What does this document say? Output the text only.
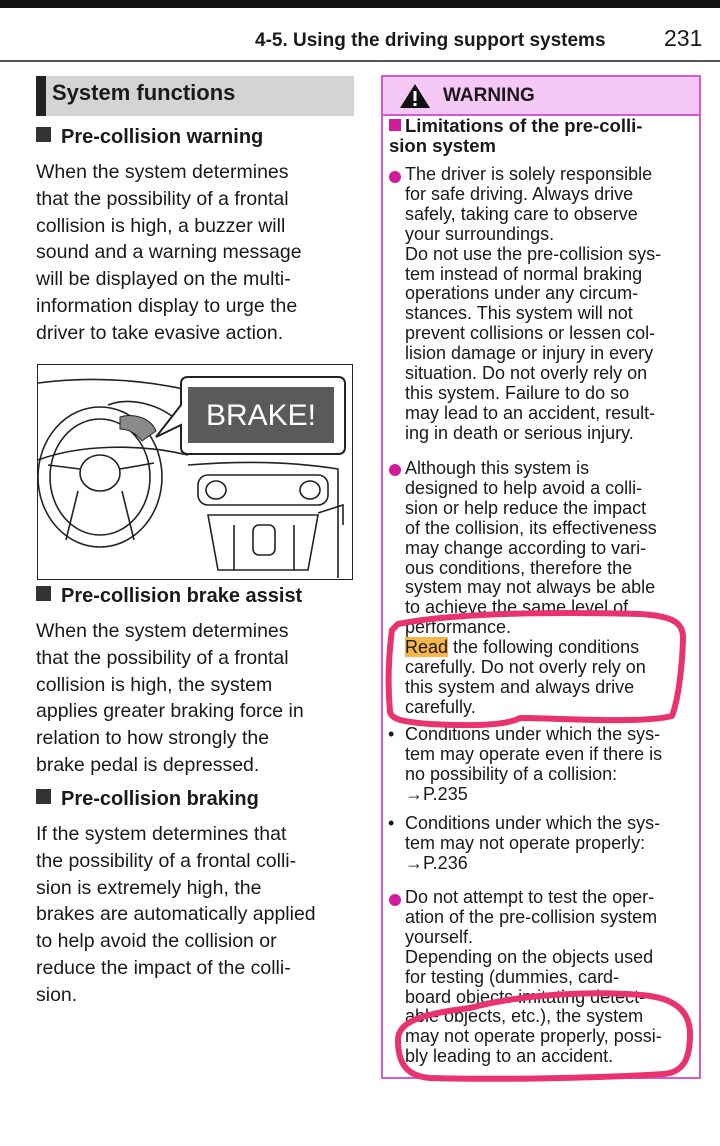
4-5. Using the driving support systems	231
System functions
Pre-collision warning
When the system determines
that the possibility of a frontal
collision is high, a buzzer will
sound and a warning message
will be displayed on the multi-
information display to urge the
driver to take evasive action.
BRAKE!
Pre-collision brake assist
When the system determines
that the possibility of a frontal
collision is high, the system
applies greater braking force in
relation to how strongly the
brake pedal is depressed.
Pre-collision braking
If the system determines that
the possibility of a frontal colli-
sion is extremely high, the
brakes are automatically applied
to help avoid the collision or
reduce the impact of the colli-
sion.
WARNING
Limitations of the pre-colli-
sion system
The driver is solely responsible
for safe driving. Always drive
safely, taking care to observe
your surroundings.
Do not use the pre-collision sys-
tem instead of normal braking
operations under any circum-
stances. This system will not
prevent collisions or lessen col-
lision damage or injury in every
situation. Do not overly rely on
this system. Failure to do so
may lead to an accident, result-
ing in death or serious injury.
Although this system is
designed to help avoid a colli-
sion or help reduce the impact
of the collision, its effectiveness
may change according to vari-
ous conditions, therefore the
system may not always be able
to achieve the same level of
performance.
Read the following conditions
carefully. Do not overly rely on
this system and always drive
carefully.
• Conditions under which the sys-
tem may operate even if there is
no possibility of a collision:
→P.235
• Conditions under which the sys-
tem may not operate properly:
→P.236
Do not attempt to test the oper-
ation of the pre-collision system
yourself.
Depending on the objects used
for testing (dummies, card-
board objects imitating detect-
able objects, etc.), the system
may not operate properly, possi-
bly leading to an accident.
